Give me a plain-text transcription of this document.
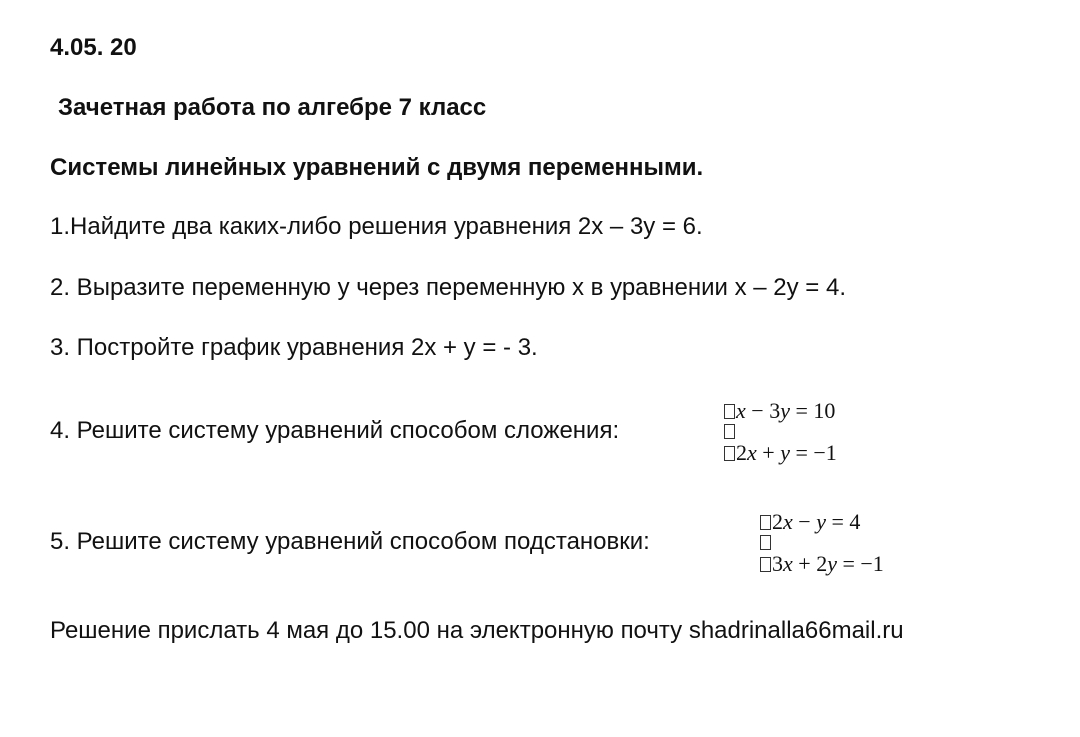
4.05. 20
Зачетная работа по алгебре 7 класс
Системы линейных уравнений с двумя переменными.
1.Найдите два каких-либо решения уравнения 2х – 3у = 6.
2. Выразите переменную у через переменную х в уравнении х – 2у = 4.
3. Постройте график уравнения 2х + у = - 3.
4. Решите систему уравнений способом сложения:
x − 3y = 10
2x + y = −1
5. Решите систему уравнений способом подстановки:
2x − y = 4
3x + 2y = −1
Решение прислать 4 мая до 15.00 на электронную почту shadrinalla66mail.ru
